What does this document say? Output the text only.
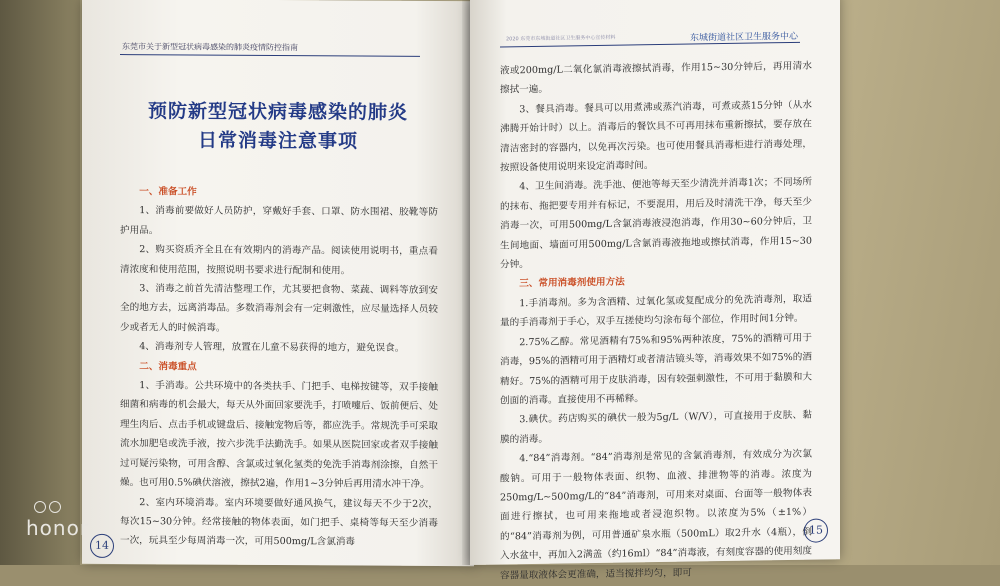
东莞市关于新型冠状病毒感染的肺炎疫情防控指南
预防新型冠状病毒感染的肺炎
日常消毒注意事项

一、准备工作

1、消毒前要做好人员防护，穿戴好手套、口罩、防水围裙、胶靴等防护用品。

2、购买资质齐全且在有效期内的消毒产品。阅读使用说明书，重点看清浓度和使用范围，按照说明书要求进行配制和使用。

3、消毒之前首先清洁整理工作，尤其要把食物、菜蔬、调料等放到安全的地方去，远离消毒品。多数消毒剂会有一定刺激性，应尽量选择人员较少或者无人的时候消毒。

4、消毒剂专人管理，放置在儿童不易获得的地方，避免误食。

二、消毒重点

1、手消毒。公共环境中的各类扶手、门把手、电梯按键等，双手接触细菌和病毒的机会最大，每天从外面回家要洗手，打喷嚏后、饭前便后、处理生肉后、点击手机或键盘后、接触宠物后等，都应洗手。常规洗手可采取流水加肥皂或洗手液，按六步洗手法勤洗手。如果从医院回家或者双手接触过可疑污染物，可用含醇、含氯或过氧化氢类的免洗手消毒剂涂擦，自然干燥。也可用0.5%碘伏溶液，擦拭2遍，作用1~3分钟后再用清水冲干净。

2、室内环境消毒。室内环境要做好通风换气，建议每天不少于2次，每次15~30分钟。经常接触的物体表面，如门把手、桌椅等每天至少消毒一次，玩具至少每周消毒一次，可用500mg/L含氯消毒

14
2020 东莞市东城街道社区卫生服务中心宣传材料	东城街道社区卫生服务中心

液或200mg/L二氧化氯消毒液擦拭消毒，作用15~30分钟后，再用清水擦拭一遍。

3、餐具消毒。餐具可以用煮沸或蒸汽消毒，可煮或蒸15分钟（从水沸腾开始计时）以上。消毒后的餐饮具不可再用抹布重新擦拭，要存放在清洁密封的容器内，以免再次污染。也可使用餐具消毒柜进行消毒处理，按照设备使用说明来设定消毒时间。

4、卫生间消毒。洗手池、便池等每天至少清洗并消毒1次；不同场所的抹布、拖把要专用并有标记，不要混用，用后及时清洗干净，每天至少消毒一次，可用500mg/L含氯消毒液浸泡消毒，作用30~60分钟后，卫生间地面、墙面可用500mg/L含氯消毒液拖地或擦拭消毒，作用15~30分钟。

三、常用消毒剂使用方法

1.手消毒剂。多为含酒精、过氧化氢或复配成分的免洗消毒剂，取适量的手消毒剂于手心，双手互搓使均匀涂布每个部位，作用时间1分钟。

2.75%乙醇。常见酒精有75%和95%两种浓度，75%的酒精可用于消毒，95%的酒精可用于酒精灯或者清洁镜头等，消毒效果不如75%的酒精好。75%的酒精可用于皮肤消毒，因有较强刺激性，不可用于黏膜和大创面的消毒。直接使用不再稀释。

3.碘伏。药店购买的碘伏一般为5g/L（W/V），可直接用于皮肤、黏膜的消毒。

4.“84”消毒剂。“84”消毒剂是常见的含氯消毒剂，有效成分为次氯酸钠。可用于一般物体表面、织物、血液、排泄物等的消毒。浓度为250mg/L~500mg/L的“84”消毒剂，可用来对桌面、台面等一般物体表面进行擦拭，也可用来拖地或者浸泡织物。以浓度为5%（±1%）的“84”消毒剂为例，可用普通矿泉水瓶（500mL）取2升水（4瓶），倒入水盆中，再加入2满盖（约16ml）“84”消毒液，有刻度容器的使用刻度容器量取液体会更准确，适当搅拌均匀，即可

15
honor
